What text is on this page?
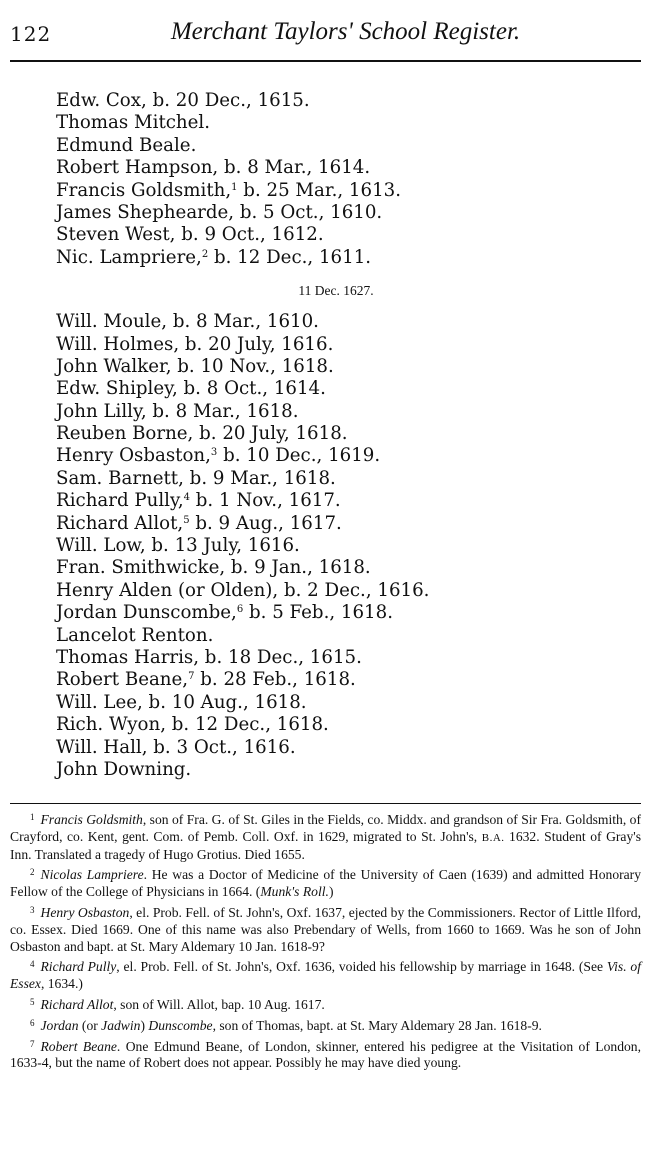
122	Merchant Taylors' School Register.
Edw. Cox, b. 20 Dec., 1615.
Thomas Mitchel.
Edmund Beale.
Robert Hampson, b. 8 Mar., 1614.
Francis Goldsmith,$^1$ b. 25 Mar., 1613.
James Shephearde, b. 5 Oct., 1610.
Steven West, b. 9 Oct., 1612.
Nic. Lampriere,$^2$ b. 12 Dec., 1611.
11 Dec. 1627.
Will. Moule, b. 8 Mar., 1610.
Will. Holmes, b. 20 July, 1616.
John Walker, b. 10 Nov., 1618.
Edw. Shipley, b. 8 Oct., 1614.
John Lilly, b. 8 Mar., 1618.
Reuben Borne, b. 20 July, 1618.
Henry Osbaston,$^3$ b. 10 Dec., 1619.
Sam. Barnett, b. 9 Mar., 1618.
Richard Pully,$^4$ b. 1 Nov., 1617.
Richard Allot,$^5$ b. 9 Aug., 1617.
Will. Low, b. 13 July, 1616.
Fran. Smithwicke, b. 9 Jan., 1618.
Henry Alden (or Olden), b. 2 Dec., 1616.
Jordan Dunscombe,$^6$ b. 5 Feb., 1618.
Lancelot Renton.
Thomas Harris, b. 18 Dec., 1615.
Robert Beane,$^7$ b. 28 Feb., 1618.
Will. Lee, b. 10 Aug., 1618.
Rich. Wyon, b. 12 Dec., 1618.
Will. Hall, b. 3 Oct., 1616.
John Downing.

$^1$ Francis Goldsmith, son of Fra. G. of St. Giles in the Fields, co. Middx. and grandson of Sir Fra. Goldsmith, of Crayford, co. Kent, gent. Com. of Pemb. Coll. Oxf. in 1629, migrated to St. John's, B.A. 1632. Student of Gray's Inn. Translated a tragedy of Hugo Grotius. Died 1655.

$^2$ Nicolas Lampriere. He was a Doctor of Medicine of the University of Caen (1639) and admitted Honorary Fellow of the College of Physicians in 1664. (Munk's Roll.)

$^3$ Henry Osbaston, el. Prob. Fell. of St. John's, Oxf. 1637, ejected by the Commissioners. Rector of Little Ilford, co. Essex. Died 1669. One of this name was also Prebendary of Wells, from 1660 to 1669. Was he son of John Osbaston and bapt. at St. Mary Aldemary 10 Jan. 1618-9?

$^4$ Richard Pully, el. Prob. Fell. of St. John's, Oxf. 1636, voided his fellowship by marriage in 1648. (See Vis. of Essex, 1634.)

$^5$ Richard Allot, son of Will. Allot, bap. 10 Aug. 1617.

$^6$ Jordan (or Jadwin) Dunscombe, son of Thomas, bapt. at St. Mary Aldemary 28 Jan. 1618-9.

$^7$ Robert Beane. One Edmund Beane, of London, skinner, entered his pedigree at the Visitation of London, 1633-4, but the name of Robert does not appear. Possibly he may have died young.
